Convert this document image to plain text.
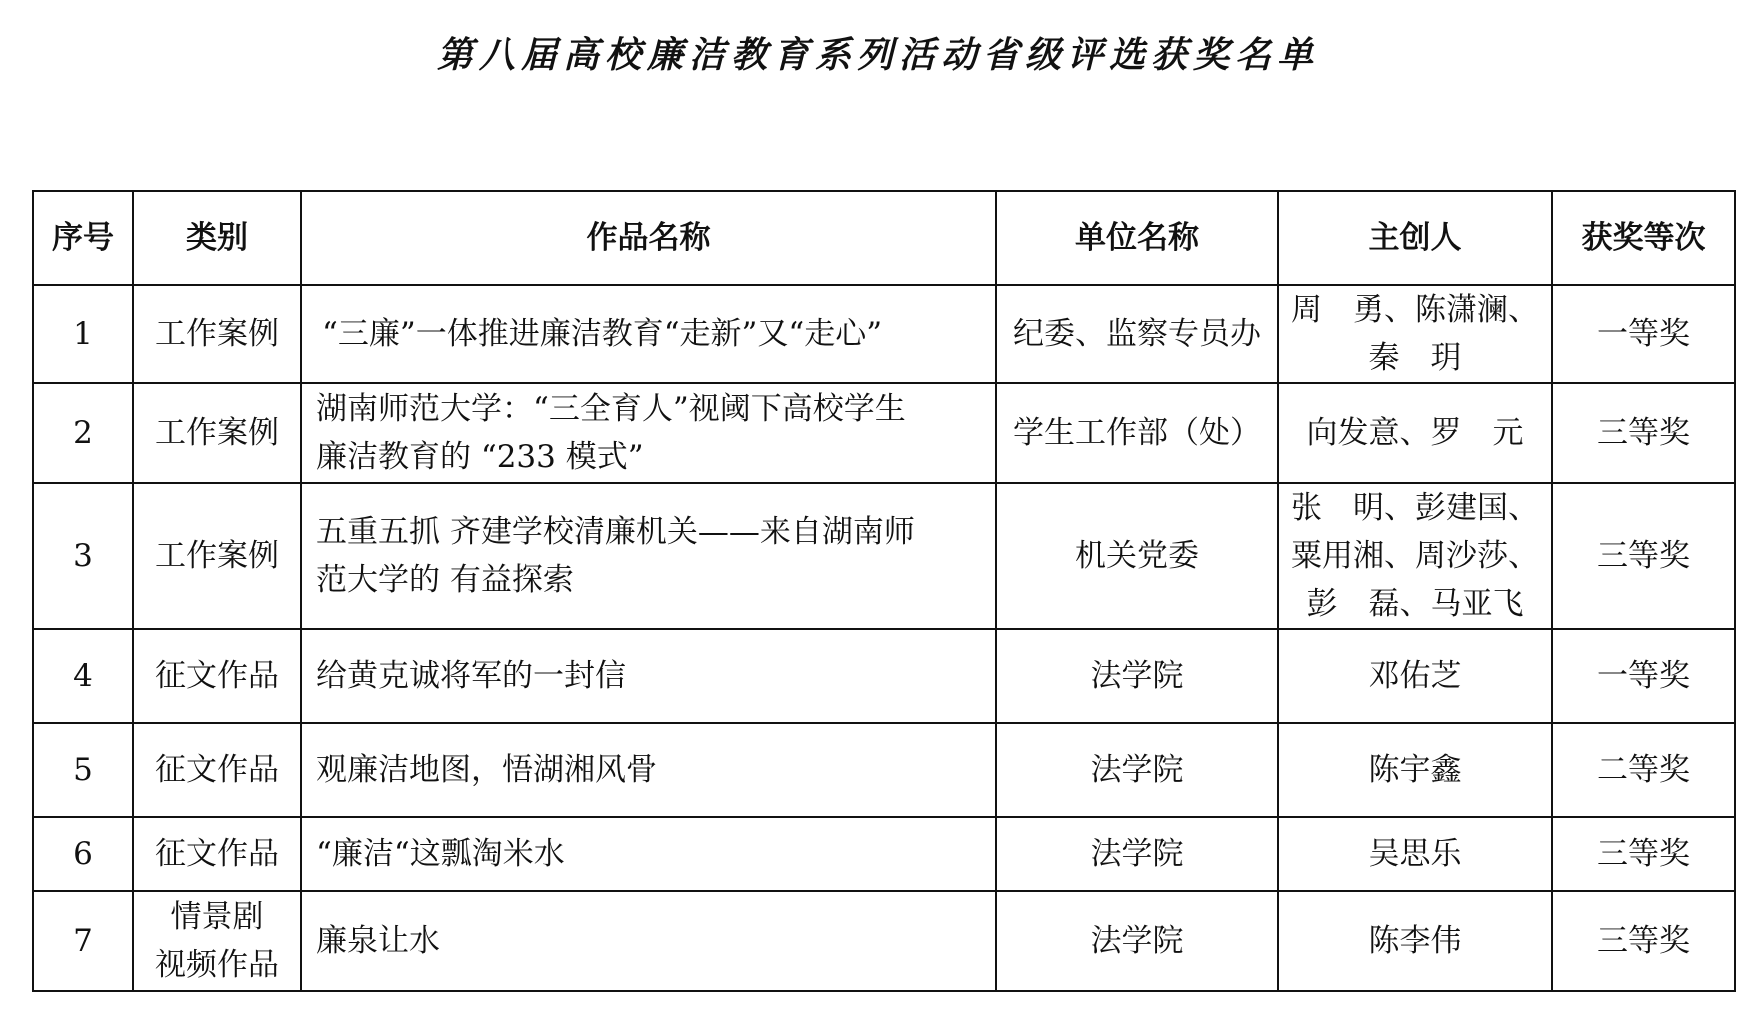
第八届高校廉洁教育系列活动省级评选获奖名单
序号	类别	作品名称	单位名称	主创人	获奖等次
1	工作案例	“三廉”一体推进廉洁教育“走新”又“走心”	纪委、监察专员办	周　勇、陈潇澜、
秦　玥	一等奖
2	工作案例	湖南师范大学：“三全育人”视阈下高校学生
廉洁教育的 “233 模式”	学生工作部（处）	向发意、罗　元	三等奖
3	工作案例	五重五抓 齐建学校清廉机关——来自湖南师
范大学的 有益探索	机关党委	张　明、彭建国、
粟用湘、周沙莎、
彭　磊、马亚飞	三等奖
4	征文作品	给黄克诚将军的一封信	法学院	邓佑芝	一等奖
5	征文作品	观廉洁地图，悟湖湘风骨	法学院	陈宇鑫	二等奖
6	征文作品	“廉洁“这瓢淘米水	法学院	吴思乐	三等奖
7	情景剧
视频作品	廉泉让水	法学院	陈李伟	三等奖
